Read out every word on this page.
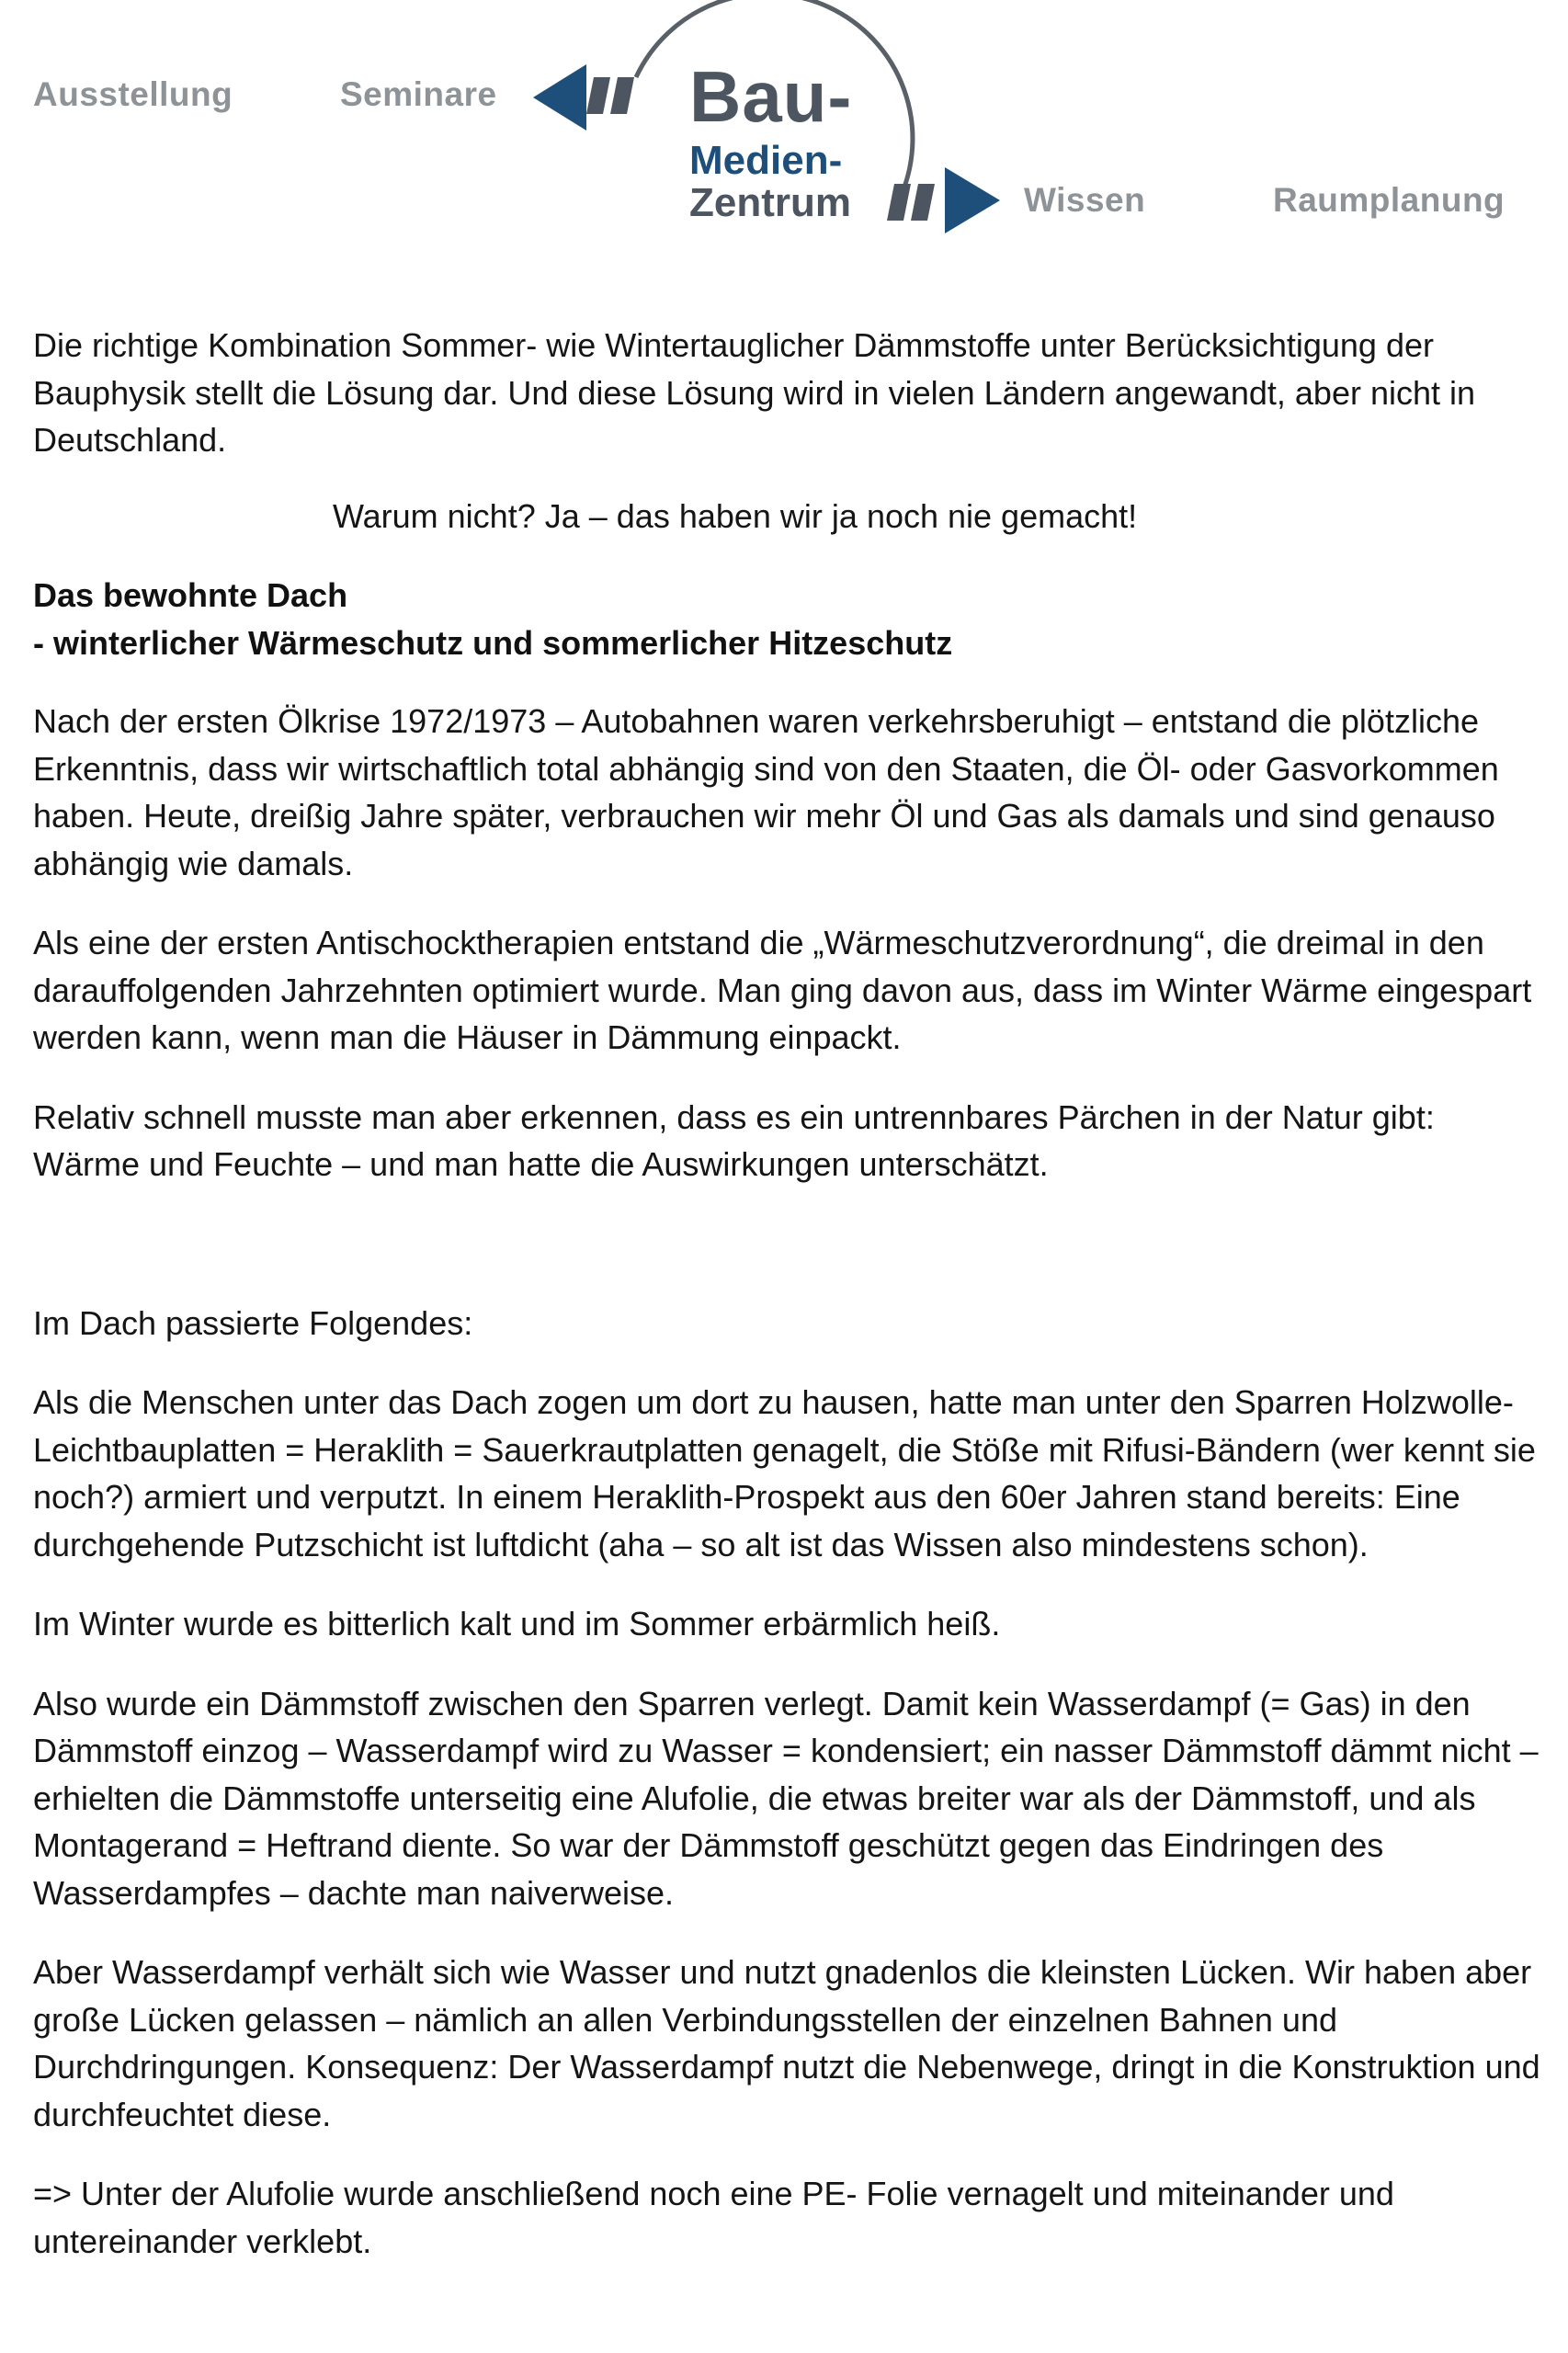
Ausstellung	Seminare	Bau-
Medien-
Zentrum	Wissen	Raumplanung

Die richtige Kombination Sommer- wie Wintertauglicher Dämmstoffe unter Berücksichtigung der Bauphysik stellt die Lösung dar. Und diese Lösung wird in vielen Ländern angewandt, aber nicht in Deutschland.

Warum nicht? Ja – das haben wir ja noch nie gemacht!

Das bewohnte Dach
- winterlicher Wärmeschutz und sommerlicher Hitzeschutz

Nach der ersten Ölkrise 1972/1973 – Autobahnen waren verkehrsberuhigt – entstand die plötzliche Erkenntnis, dass wir wirtschaftlich total abhängig sind von den Staaten, die Öl- oder Gasvorkommen haben. Heute, dreißig Jahre später, verbrauchen wir mehr Öl und Gas als damals und sind genauso abhängig wie damals.

Als eine der ersten Antischocktherapien entstand die „Wärmeschutzverordnung“, die dreimal in den darauffolgenden Jahrzehnten optimiert wurde. Man ging davon aus, dass im Winter Wärme eingespart werden kann, wenn man die Häuser in Dämmung einpackt.

Relativ schnell musste man aber erkennen, dass es ein untrennbares Pärchen in der Natur gibt: Wärme und Feuchte – und man hatte die Auswirkungen unterschätzt.

Im Dach passierte Folgendes:

Als die Menschen unter das Dach zogen um dort zu hausen, hatte man unter den Sparren Holzwolle-Leichtbauplatten = Heraklith = Sauerkrautplatten genagelt, die Stöße mit Rifusi-Bändern (wer kennt sie noch?) armiert und verputzt. In einem Heraklith-Prospekt aus den 60er Jahren stand bereits: Eine durchgehende Putzschicht ist luftdicht (aha – so alt ist das Wissen also mindestens schon).

Im Winter wurde es bitterlich kalt und im Sommer erbärmlich heiß.

Also wurde ein Dämmstoff zwischen den Sparren verlegt. Damit kein Wasserdampf (= Gas) in den Dämmstoff einzog – Wasserdampf wird zu Wasser = kondensiert; ein nasser Dämmstoff dämmt nicht – erhielten die Dämmstoffe unterseitig eine Alufolie, die etwas breiter war als der Dämmstoff, und als Montagerand = Heftrand diente. So war der Dämmstoff geschützt gegen das Eindringen des Wasserdampfes – dachte man naiverweise.

Aber Wasserdampf verhält sich wie Wasser und nutzt gnadenlos die kleinsten Lücken. Wir haben aber große Lücken gelassen – nämlich an allen Verbindungsstellen der einzelnen Bahnen und Durchdringungen. Konsequenz: Der Wasserdampf nutzt die Nebenwege, dringt in die Konstruktion und durchfeuchtet diese.

=> Unter der Alufolie wurde anschließend noch eine PE- Folie vernagelt und miteinander und untereinander verklebt.
